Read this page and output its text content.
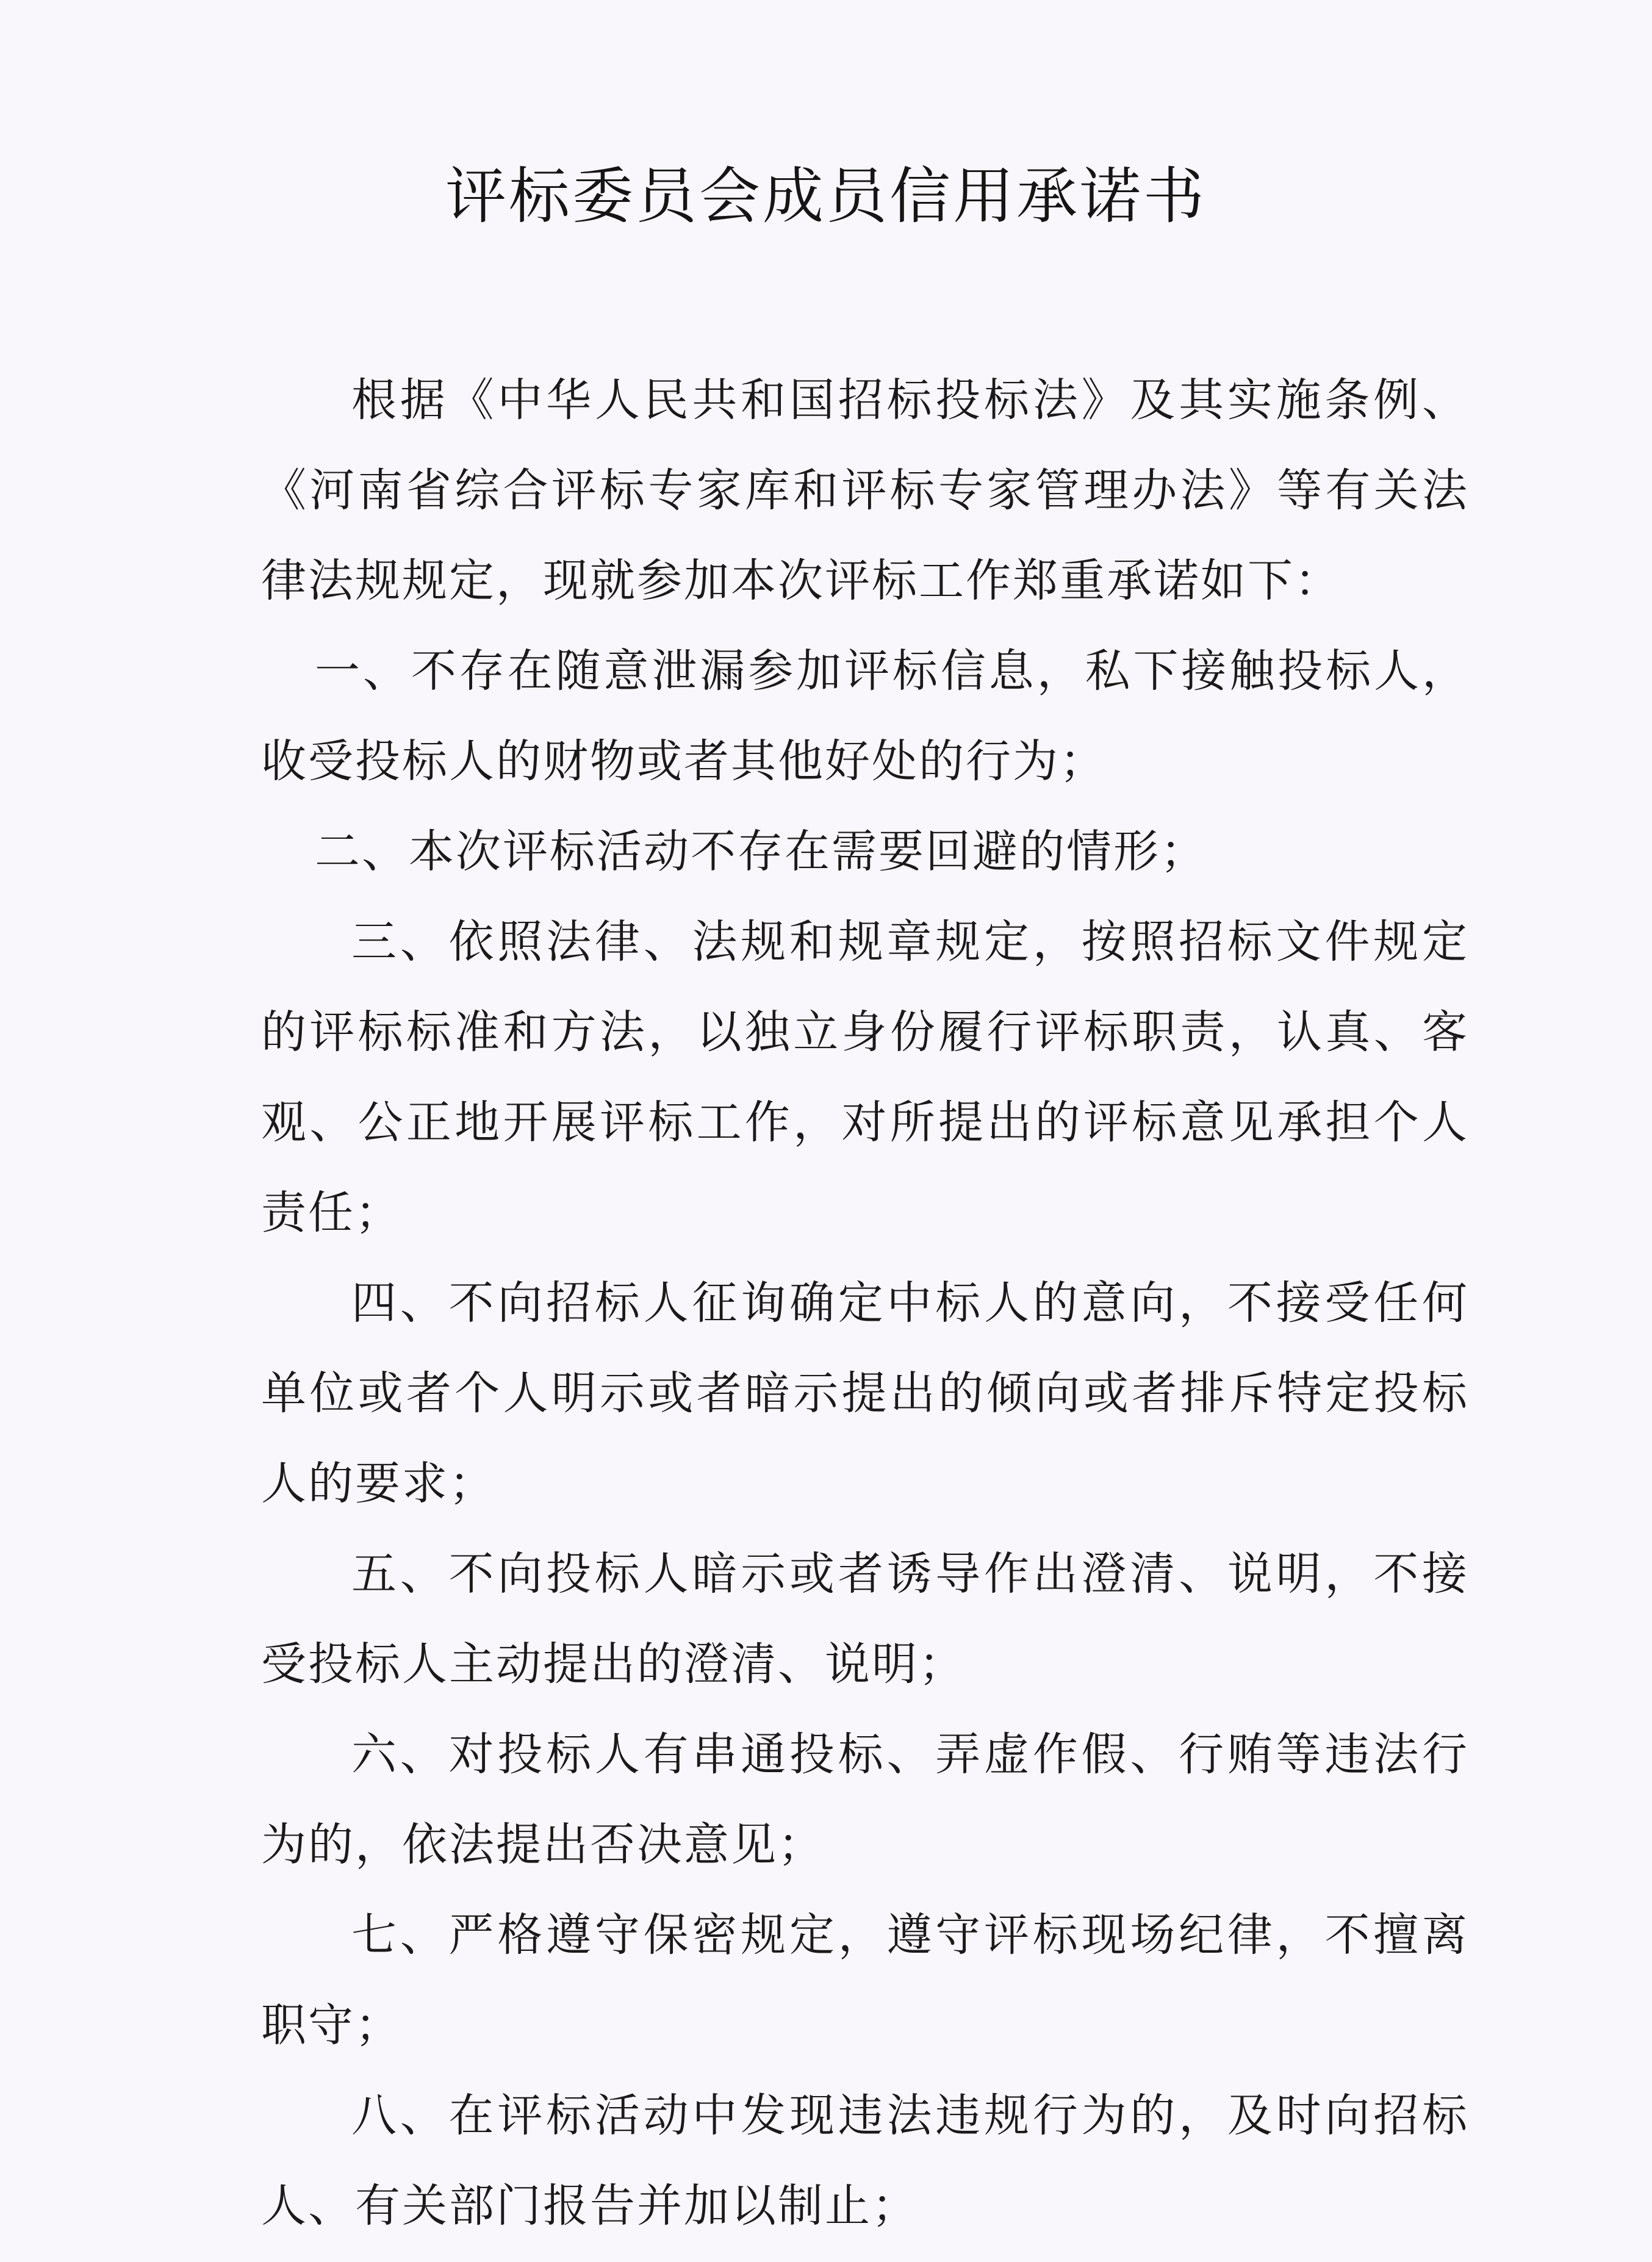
评标委员会成员信用承诺书

根据《中华人民共和国招标投标法》及其实施条例、《河南省综合评标专家库和评标专家管理办法》等有关法律法规规定，现就参加本次评标工作郑重承诺如下：

一、不存在随意泄漏参加评标信息，私下接触投标人，收受投标人的财物或者其他好处的行为；

二、本次评标活动不存在需要回避的情形；

三、依照法律、法规和规章规定，按照招标文件规定的评标标准和方法，以独立身份履行评标职责，认真、客观、公正地开展评标工作，对所提出的评标意见承担个人责任；

四、不向招标人征询确定中标人的意向，不接受任何单位或者个人明示或者暗示提出的倾向或者排斥特定投标人的要求；

五、不向投标人暗示或者诱导作出澄清、说明，不接受投标人主动提出的澄清、说明；

六、对投标人有串通投标、弄虚作假、行贿等违法行为的，依法提出否决意见；

七、严格遵守保密规定，遵守评标现场纪律，不擅离职守；

八、在评标活动中发现违法违规行为的，及时向招标人、有关部门报告并加以制止；
